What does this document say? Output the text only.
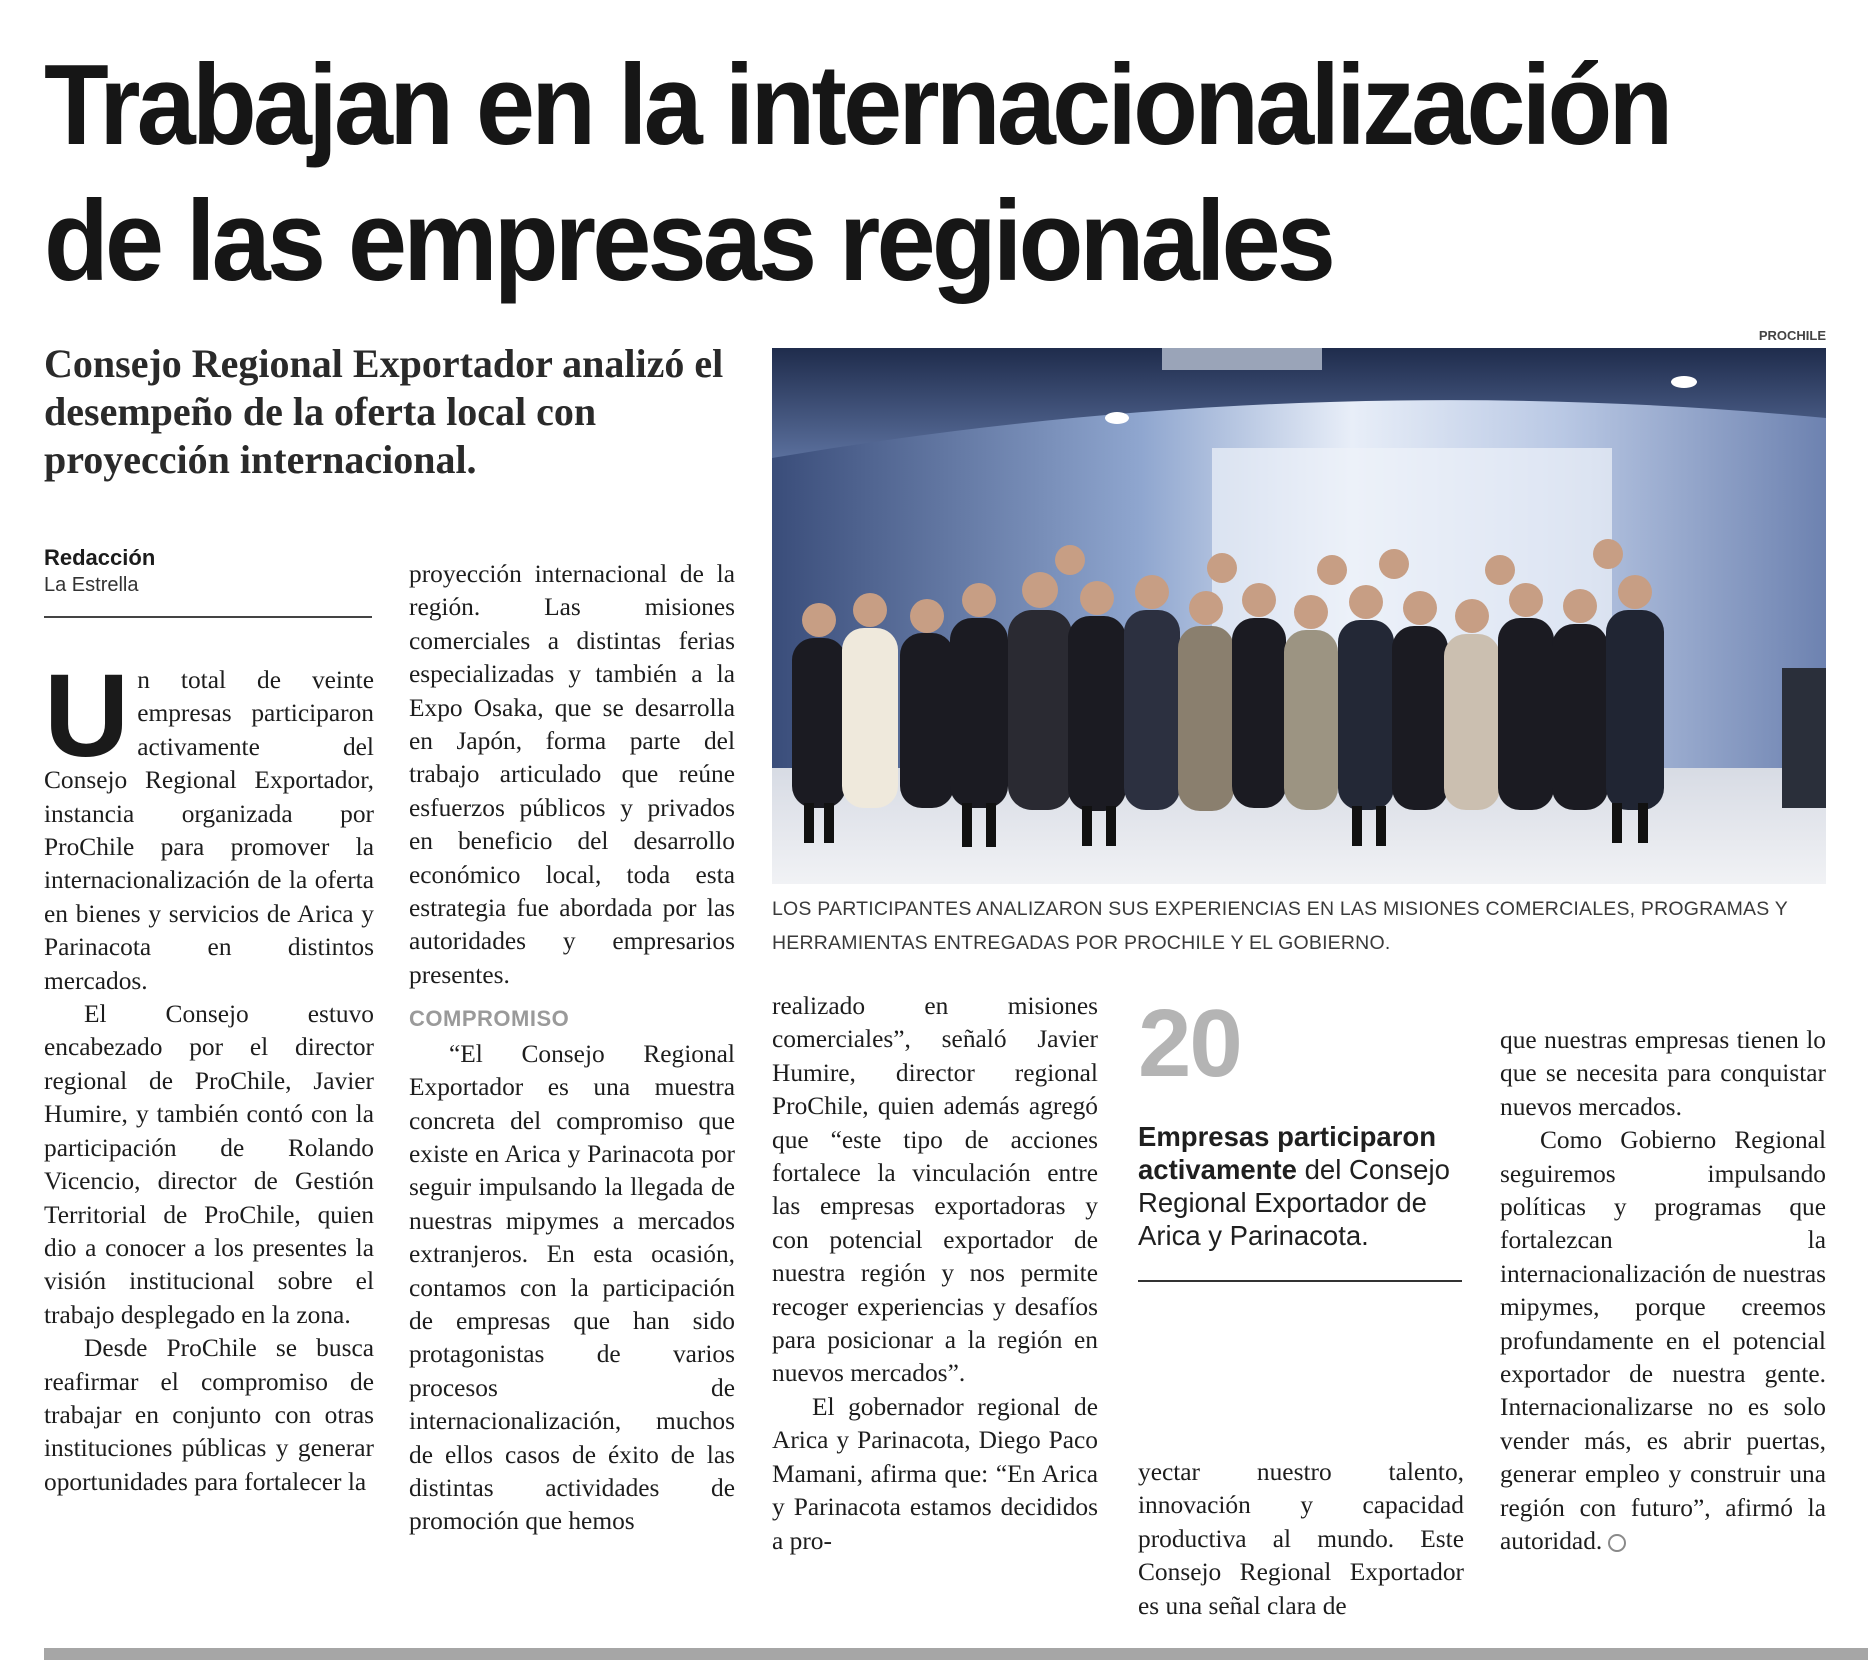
Trabajan en la internacionalización
de las empresas regionales

Consejo Regional Exportador analizó el desempeño de la oferta local con proyección internacional.

Redacción
La Estrella

Un total de veinte empresas participaron activamente del Consejo Regional Exportador, instancia organizada por ProChile para promover la internacionalización de la oferta en bienes y servicios de Arica y Parinacota en distintos mercados.

El Consejo estuvo encabezado por el director regional de ProChile, Javier Humire, y también contó con la participación de Rolando Vicencio, director de Gestión Territorial de ProChile, quien dio a conocer a los presentes la visión institucional sobre el trabajo desplegado en la zona.

Desde ProChile se busca reafirmar el compromiso de trabajar en conjunto con otras instituciones públicas y generar oportunidades para fortalecer la

proyección internacional de la región. Las misiones comerciales a distintas ferias especializadas y también a la Expo Osaka, que se desarrolla en Japón, forma parte del trabajo articulado que reúne esfuerzos públicos y privados en beneficio del desarrollo económico local, toda esta estrategia fue abordada por las autoridades y empresarios presentes.

COMPROMISO

“El Consejo Regional Exportador es una muestra concreta del compromiso que existe en Arica y Parinacota por seguir impulsando la llegada de nuestras mipymes a mercados extranjeros. En esta ocasión, contamos con la participación de empresas que han sido protagonistas de varios procesos de internacionalización, muchos de ellos casos de éxito de las distintas actividades de promoción que hemos

PROCHILE
LOS PARTICIPANTES ANALIZARON SUS EXPERIENCIAS EN LAS MISIONES COMERCIALES, PROGRAMAS Y HERRAMIENTAS ENTREGADAS POR PROCHILE Y EL GOBIERNO.

realizado en misiones comerciales”, señaló Javier Humire, director regional ProChile, quien además agregó que “este tipo de acciones fortalece la vinculación entre las empresas exportadoras y con potencial exportador de nuestra región y nos permite recoger experiencias y desafíos para posicionar a la región en nuevos mercados”.

El gobernador regional de Arica y Parinacota, Diego Paco Mamani, afirma que: “En Arica y Parinacota estamos decididos a pro-

20
Empresas participaron activamente del Consejo Regional Exportador de Arica y Parinacota.

yectar nuestro talento, innovación y capacidad productiva al mundo. Este Consejo Regional Exportador es una señal clara de

que nuestras empresas tienen lo que se necesita para conquistar nuevos mercados.

Como Gobierno Regional seguiremos impulsando políticas y programas que fortalezcan la internacionalización de nuestras mipymes, porque creemos profundamente en el potencial exportador de nuestra gente. Internacionalizarse no es solo vender más, es abrir puertas, generar empleo y construir una región con futuro”, afirmó la autoridad.
